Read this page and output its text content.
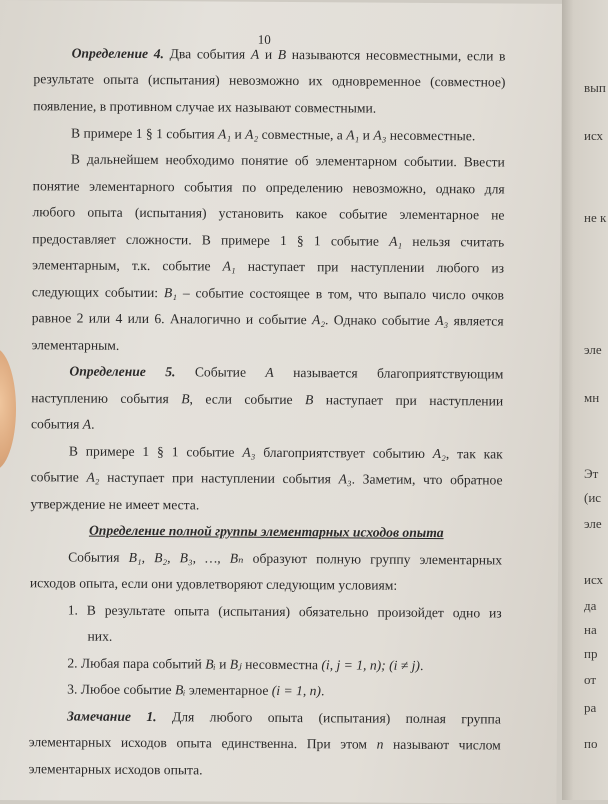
10
Определение 4. Два события A и B называются несовместными, если в
результате опыта (испытания) невозможно их одновременное (совместное)
появление, в противном случае их называют совместными.
В примере 1 § 1 события A₁ и A₂ совместные, а A₁ и A₃ несовместные.
В дальнейшем необходимо понятие об элементарном событии. Ввести
понятие элементарного события по определению невозможно, однако для
любого опыта (испытания) установить какое событие элементарное не
предоставляет сложности. В примере 1 § 1 событие A₁ нельзя считать
элементарным, т.к. событие A₁ наступает при наступлении любого из
следующих событии: B₁ – событие состоящее в том, что выпало число очков
равное 2 или 4 или 6. Аналогично и событие A₂. Однако событие A₃ является
элементарным.
Определение 5. Событие A называется благоприятствующим
наступлению события B, если событие B наступает при наступлении
события A.
В примере 1 § 1 событие A₃ благоприятствует событию A₂, так как
событие A₂ наступает при наступлении события A₃. Заметим, что обратное
утверждение не имеет места.
Определение полной группы элементарных исходов опыта
События B₁, B₂, B₃, …, Bₙ образуют полную группу элементарных
исходов опыта, если они удовлетворяют следующим условиям:
1. В результате опыта (испытания) обязательно произойдет одно из
них.
2. Любая пара событий Bᵢ и Bⱼ несовместна (i, j = 1, n); (i ≠ j).
3. Любое событие Bᵢ элементарное (i = 1, n).
Замечание 1. Для любого опыта (испытания) полная группа
элементарных исходов опыта единственна. При этом n называют числом
элементарных исходов опыта.
вып
исх
не к
эле
мн
Эт
(ис
эле
исх
да
на
пр
от
ра
по
